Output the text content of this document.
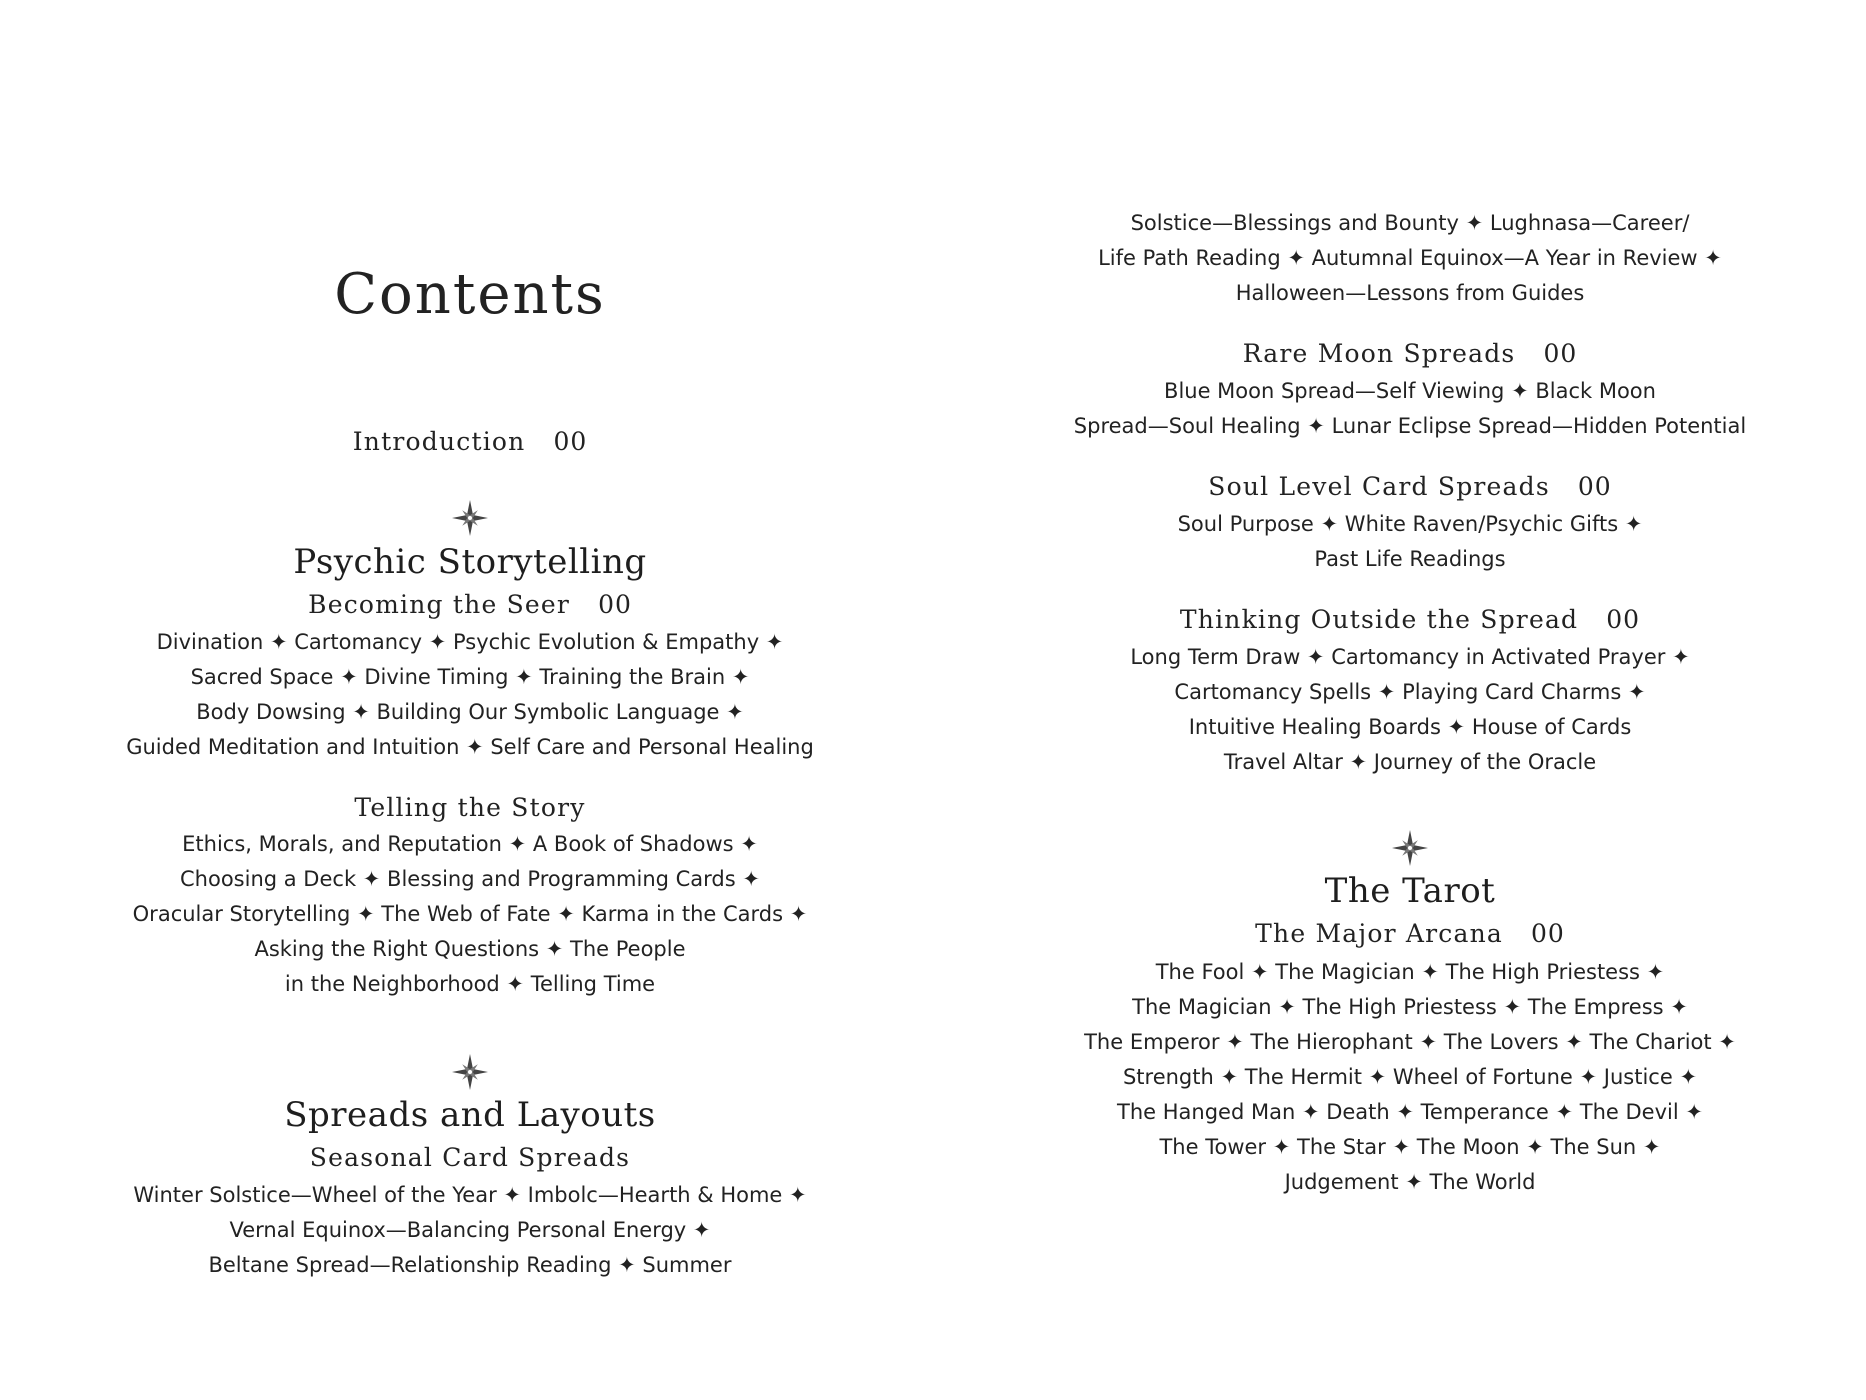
Contents
Introduction 00
Psychic Storytelling
Becoming the Seer 00
Divination ✦ Cartomancy ✦ Psychic Evolution & Empathy ✦
Sacred Space ✦ Divine Timing ✦ Training the Brain ✦
Body Dowsing ✦ Building Our Symbolic Language ✦
Guided Meditation and Intuition ✦ Self Care and Personal Healing
Telling the Story
Ethics, Morals, and Reputation ✦ A Book of Shadows ✦
Choosing a Deck ✦ Blessing and Programming Cards ✦
Oracular Storytelling ✦ The Web of Fate ✦ Karma in the Cards ✦
Asking the Right Questions ✦ The People
in the Neighborhood ✦ Telling Time
Spreads and Layouts
Seasonal Card Spreads
Winter Solstice—Wheel of the Year ✦ Imbolc—Hearth & Home ✦
Vernal Equinox—Balancing Personal Energy ✦
Beltane Spread—Relationship Reading ✦ Summer
Solstice—Blessings and Bounty ✦ Lughnasa—Career/
Life Path Reading ✦ Autumnal Equinox—A Year in Review ✦
Halloween—Lessons from Guides
Rare Moon Spreads 00
Blue Moon Spread—Self Viewing ✦ Black Moon
Spread—Soul Healing ✦ Lunar Eclipse Spread—Hidden Potential
Soul Level Card Spreads 00
Soul Purpose ✦ White Raven/Psychic Gifts ✦
Past Life Readings
Thinking Outside the Spread 00
Long Term Draw ✦ Cartomancy in Activated Prayer ✦
Cartomancy Spells ✦ Playing Card Charms ✦
Intuitive Healing Boards ✦ House of Cards
Travel Altar ✦ Journey of the Oracle
The Tarot
The Major Arcana 00
The Fool ✦ The Magician ✦ The High Priestess ✦
The Magician ✦ The High Priestess ✦ The Empress ✦
The Emperor ✦ The Hierophant ✦ The Lovers ✦ The Chariot ✦
Strength ✦ The Hermit ✦ Wheel of Fortune ✦ Justice ✦
The Hanged Man ✦ Death ✦ Temperance ✦ The Devil ✦
The Tower ✦ The Star ✦ The Moon ✦ The Sun ✦
Judgement ✦ The World
